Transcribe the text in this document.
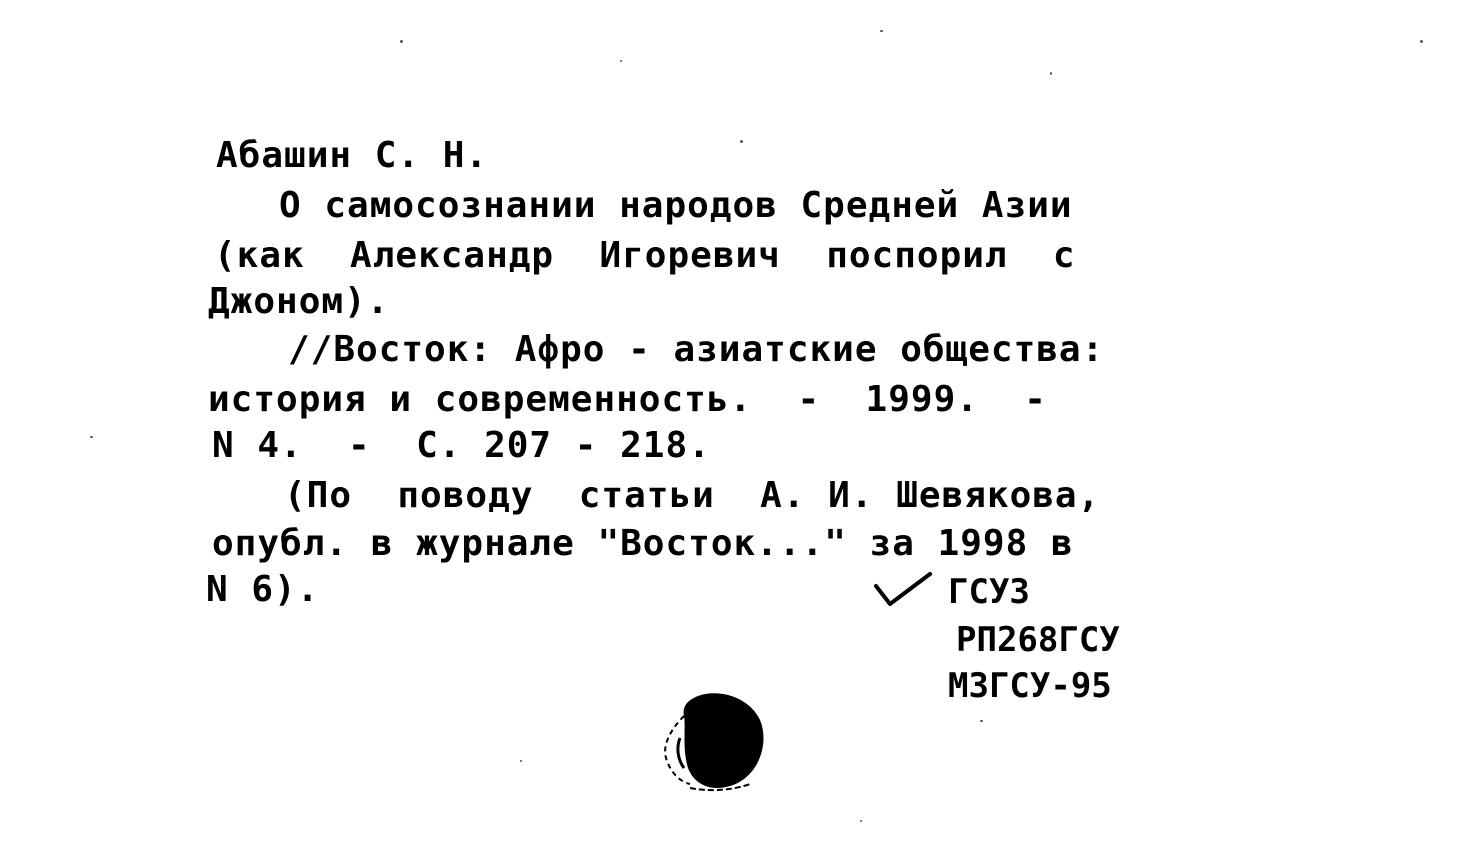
Абашин С. Н.
О самосознании народов Средней Азии
(как  Александр  Игоревич  поспорил  с
Джоном).
//Восток: Афро - азиатские общества:
история и современность.  -  1999.  -
N 4.  -  С. 207 - 218.
(По  поводу  статьи  А. И. Шевякова,
опубл. в журнале "Восток..." за 1998 в
N 6).	ГСУЗ
РП268ГСУ
МЗГСУ-95
